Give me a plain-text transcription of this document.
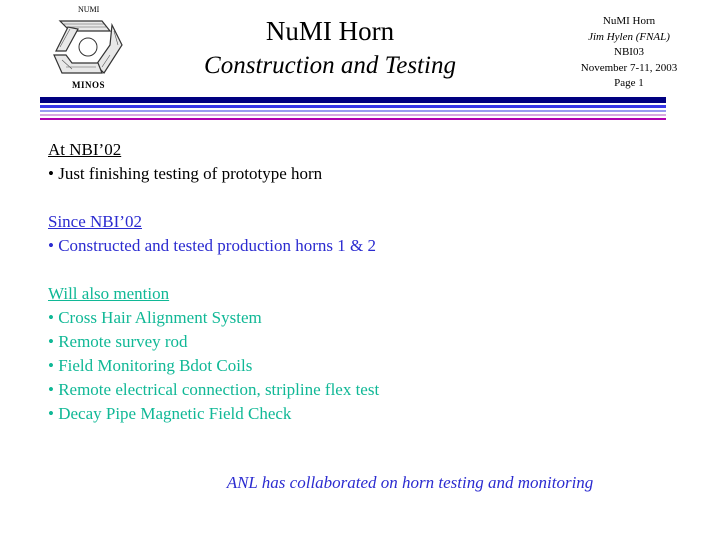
NUMI
MINOS
NuMI Horn
Construction and Testing
NuMI Horn
Jim Hylen (FNAL)
NBI03
November 7-11, 2003
Page 1
At NBI’02
• Just finishing testing of prototype horn
Since NBI’02
• Constructed and tested production horns 1 & 2
Will also mention
• Cross Hair Alignment System
• Remote survey rod
• Field Monitoring Bdot Coils
• Remote electrical connection, stripline flex test
• Decay Pipe Magnetic Field Check
ANL has collaborated on horn testing and monitoring
